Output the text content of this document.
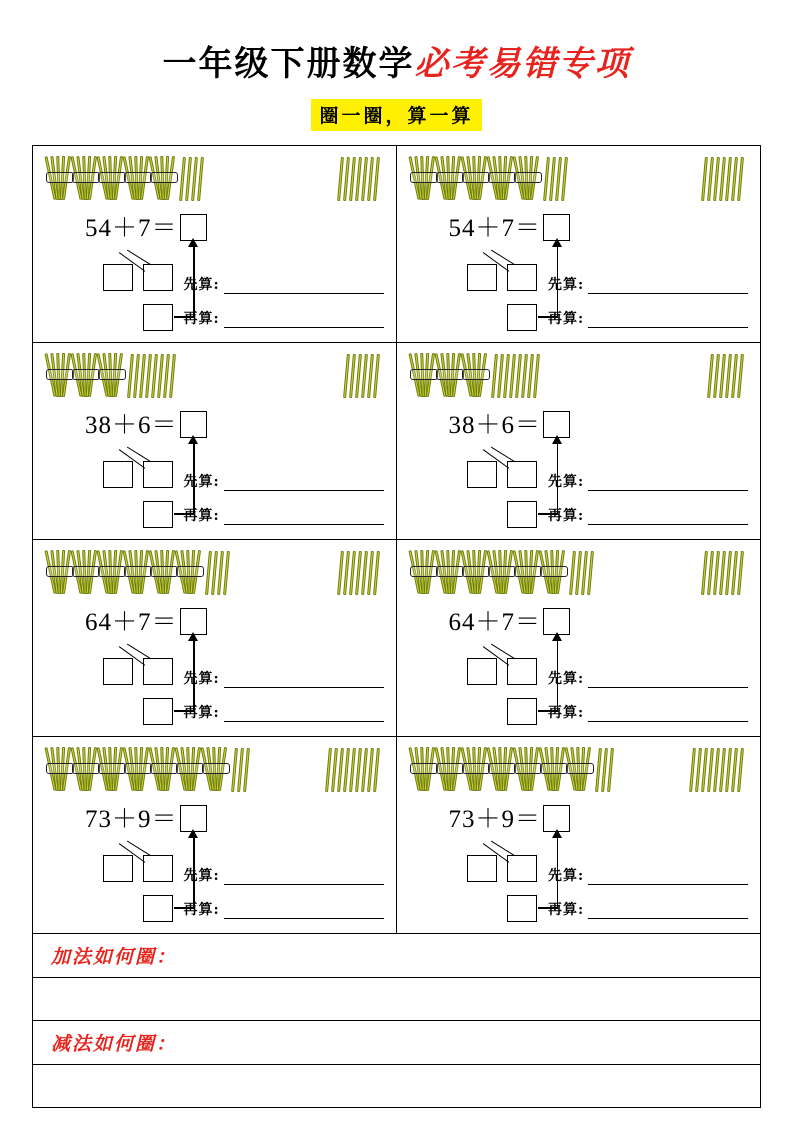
一年级下册数学必考易错专项
圈一圈，算一算
54＋7＝
先算:
再算:
54＋7＝
先算:
再算:
38＋6＝
先算:
再算:
38＋6＝
先算:
再算:
64＋7＝
先算:
再算:
64＋7＝
先算:
再算:
73＋9＝
先算:
再算:
73＋9＝
先算:
再算:
加法如何圈：
减法如何圈：
